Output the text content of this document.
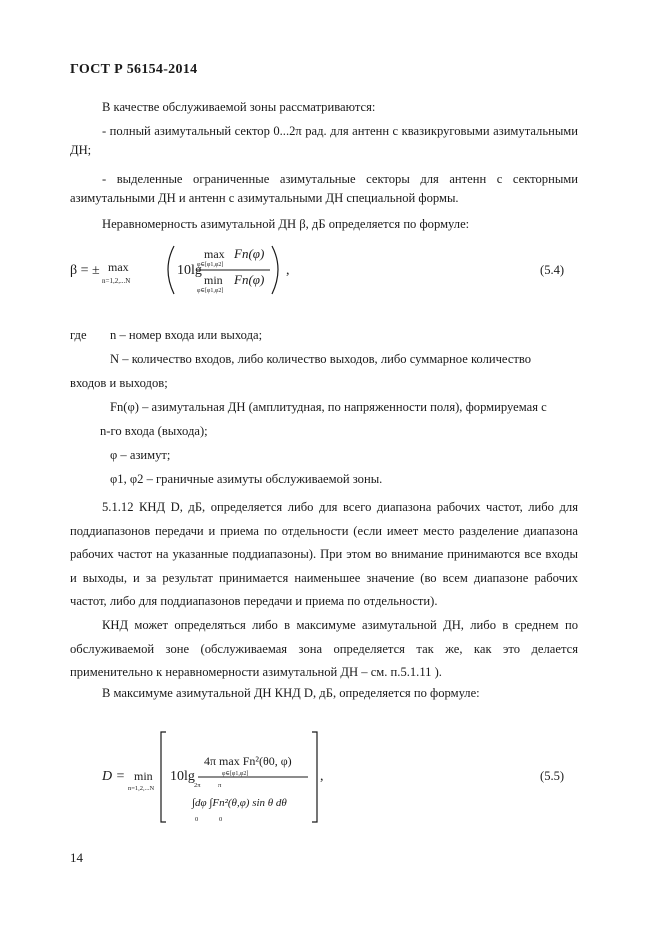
ГОСТ Р 56154-2014
В качестве обслуживаемой зоны рассматриваются:
- полный азимутальный сектор 0...2π рад. для антенн с квазикруговыми азимутальными ДН;
- выделенные ограниченные азимутальные секторы для антенн с секторными азимутальными ДН и антенн с азимутальными ДН специальной формы.
Неравномерность азимутальной ДН β, дБ определяется по формуле:
β = ± max
n=1,2,...N
10lg
max
φ∈[φ1,φ2]
Fn(φ)
min
φ∈[φ1,φ2]
Fn(φ)
,	(5.4)
где n – номер входа или выхода;
N – количество входов, либо количество выходов, либо суммарное количество
входов и выходов;
Fn(φ) – азимутальная ДН (амплитудная, по напряженности поля), формируемая с
n-го входа (выхода);
φ – азимут;
φ1, φ2 – граничные азимуты обслуживаемой зоны.
5.1.12 КНД D, дБ, определяется либо для всего диапазона рабочих частот, либо для поддиапазонов передачи и приема по отдельности (если имеет место разделение диапазона рабочих частот на указанные поддиапазоны). При этом во внимание принимаются все входы и выходы, и за результат принимается наименьшее значение (во всем диапазоне рабочих частот, либо для поддиапазонов передачи и приема по отдельности).
КНД может определяться либо в максимуме азимутальной ДН, либо в среднем по обслуживаемой зоне (обслуживаемая зона определяется так же, как это делается применительно к неравномерности азимутальной ДН – см. п.5.1.11 ).
В максимуме азимутальной ДН КНД D, дБ, определяется по формуле:
D = min
n=1,2,...N
10lg
4π max Fn²(θ0, φ)
φ∈[φ1,φ2]
2π	π
∫dφ ∫Fn²(θ,φ) sin θ dθ
0	0
,	(5.5)
14
